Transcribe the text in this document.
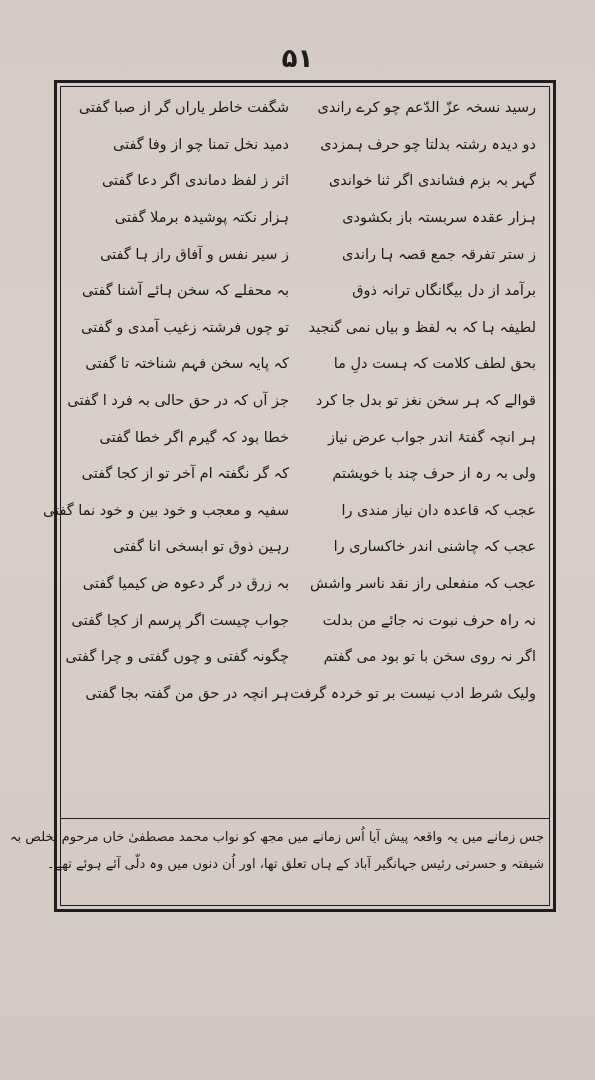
۵۱
رسید نسخہ عزّ الدّعم چو کرے راندی
شگفت خاطر یاراں گر از صبا گفتی
دو دیدہ رشتہ بدلتا چو حرف ہمزدی
دمید نخل تمنا چو از وفا گفتی
گہر بہ بزم فشاندی اگر ثنا خواندی
اثر ز لفظ دماندی اگر دعا گفتی
ہزار عقدہ سربستہ باز بکشودی
ہزار نکتہ پوشیدہ برملا گفتی
ز ستر تفرقہ جمع قصہ ہا راندی
ز سیر نفس و آفاق راز ہا گفتی
برآمد از دل بیگانگاں ترانہ ذوق
بہ محفلے کہ سخن ہائے آشنا گفتی
لطیفہ ہا کہ بہ لفظ و بیاں نمی گنجید
تو چوں فرشتہ زغیب آمدی و گفتی
بحق لطف کلامت کہ ہست دلِ ما
کہ پایہ سخن فہم شناختہ تا گفتی
قوالے کہ ہر سخن نغز تو بدل جا کرد
جز آں کہ در حق حالی بہ فرد ا گفتی
ہر انچہ گفتۂ اندر جواب عرض نیاز
خطا بود کہ گیرم اگر خطا گفتی
ولی بہ رہ از حرف چند با خویشتم
کہ گر نگفتہ ام آخر تو از کجا گفتی
عجب کہ قاعدہ دان نیاز مندی را
سفیہ و معجب و خود بین و خود نما گفتی
عجب کہ چاشنی اندر خاکساری را
رہین ذوق تو ابسخی انا گفتی
عجب کہ منفعلی راز نقد ناسر واشش
بہ زرق در گر دعوہ ض کیمیا گفتی
نہ راہ حرف نبوت نہ جائے من بدلت
جواب چیست اگر پرسم از کجا گفتی
اگر نہ روی سخن با تو بود می گفتم
چگونہ گفتی و چوں گفتی و چرا گفتی
ولیک شرط ادب نیست بر تو خردہ گرفت
ہر انچہ در حق من گفتہ بجا گفتی
جس زمانے میں یہ واقعہ پیش آیا اُس زمانے میں مجھ کو نواب محمد مصطفیٰ خاں مرحوم تخلص بہ
شیفتہ و حسرتی رئیس جہانگیر آباد کے ہاں تعلق تھا، اور اُن دنوں میں وہ دلّی آئے ہوئے تھے۔
